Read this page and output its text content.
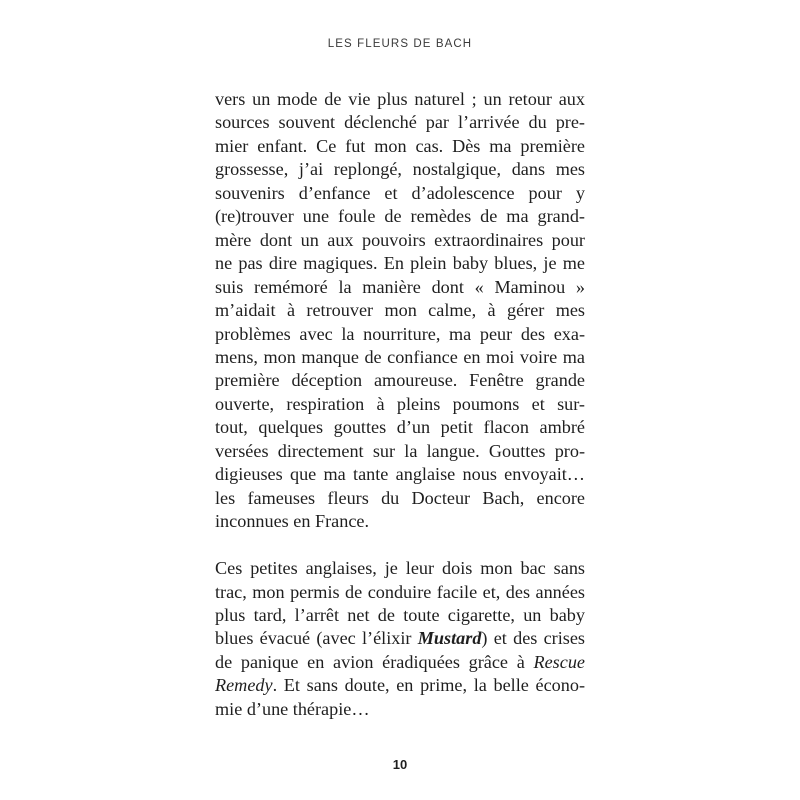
LES FLEURS DE BACH
vers un mode de vie plus naturel ; un retour aux
sources souvent déclenché par l’arrivée du pre-
mier enfant. Ce fut mon cas. Dès ma première
grossesse, j’ai replongé, nostalgique, dans mes
souvenirs d’enfance et d’adolescence pour y
(re)trouver une foule de remèdes de ma grand-
mère dont un aux pouvoirs extraordinaires pour
ne pas dire magiques. En plein baby blues, je me
suis remémoré la manière dont « Maminou »
m’aidait à retrouver mon calme, à gérer mes
problèmes avec la nourriture, ma peur des exa-
mens, mon manque de confiance en moi voire ma
première déception amoureuse. Fenêtre grande
ouverte, respiration à pleins poumons et sur-
tout, quelques gouttes d’un petit flacon ambré
versées directement sur la langue. Gouttes pro-
digieuses que ma tante anglaise nous envoyait…
les fameuses fleurs du Docteur Bach, encore
inconnues en France.
Ces petites anglaises, je leur dois mon bac sans
trac, mon permis de conduire facile et, des années
plus tard, l’arrêt net de toute cigarette, un baby
blues évacué (avec l’élixir Mustard) et des crises
de panique en avion éradiquées grâce à Rescue
Remedy. Et sans doute, en prime, la belle écono-
mie d’une thérapie…
10
